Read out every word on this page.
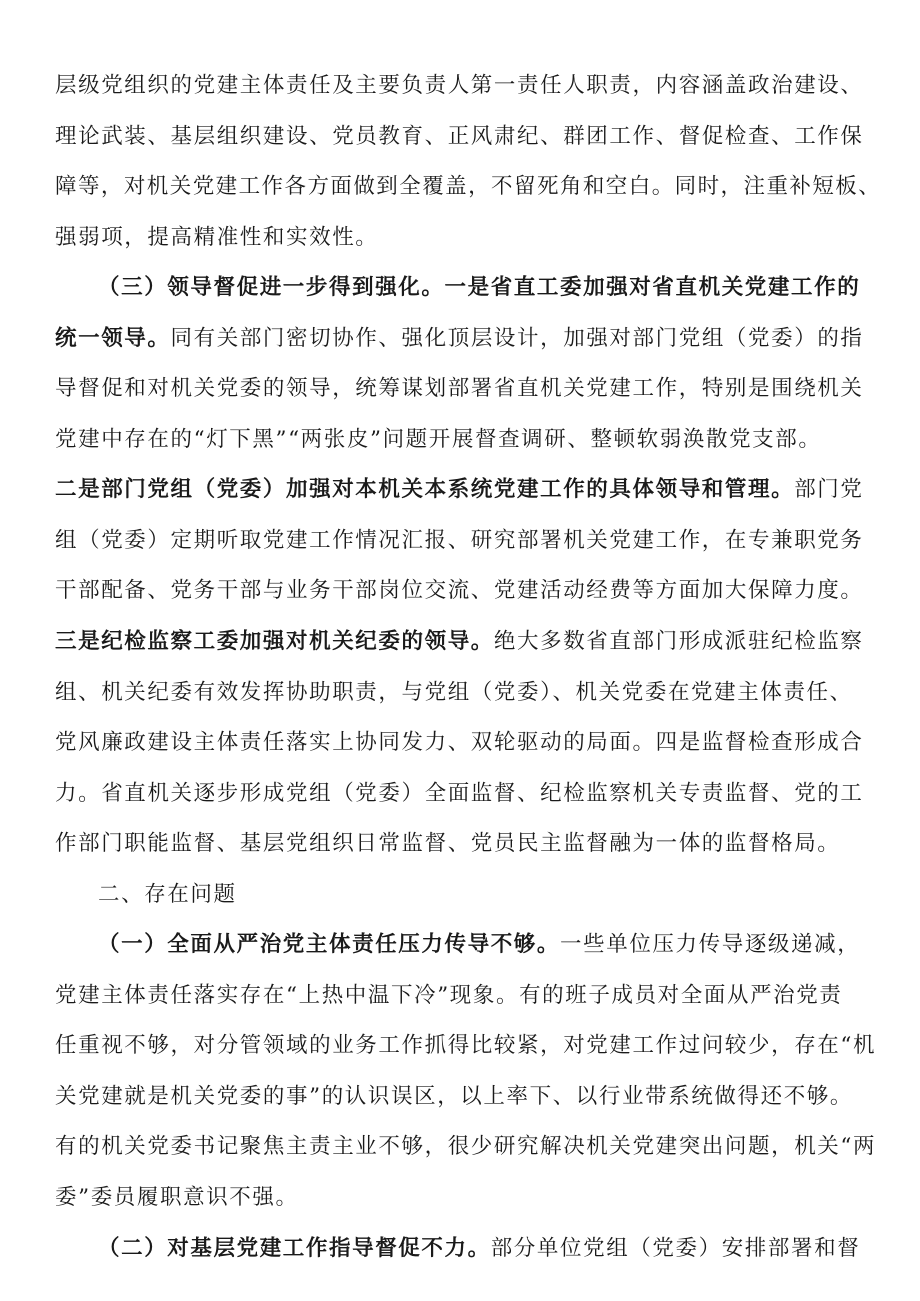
层级党组织的党建主体责任及主要负责人第一责任人职责，内容涵盖政治建设、
理论武装、基层组织建设、党员教育、正风肃纪、群团工作、督促检查、工作保
障等，对机关党建工作各方面做到全覆盖，不留死角和空白。同时，注重补短板、
强弱项，提高精准性和实效性。
（三）领导督促进一步得到强化。一是省直工委加强对省直机关党建工作的
统一领导。同有关部门密切协作、强化顶层设计，加强对部门党组（党委）的指
导督促和对机关党委的领导，统筹谋划部署省直机关党建工作，特别是围绕机关
党建中存在的“灯下黑”“两张皮”问题开展督查调研、整顿软弱涣散党支部。
二是部门党组（党委）加强对本机关本系统党建工作的具体领导和管理。部门党
组（党委）定期听取党建工作情况汇报、研究部署机关党建工作，在专兼职党务
干部配备、党务干部与业务干部岗位交流、党建活动经费等方面加大保障力度。
三是纪检监察工委加强对机关纪委的领导。绝大多数省直部门形成派驻纪检监察
组、机关纪委有效发挥协助职责，与党组（党委）、机关党委在党建主体责任、
党风廉政建设主体责任落实上协同发力、双轮驱动的局面。四是监督检查形成合
力。省直机关逐步形成党组（党委）全面监督、纪检监察机关专责监督、党的工
作部门职能监督、基层党组织日常监督、党员民主监督融为一体的监督格局。
二、存在问题
（一）全面从严治党主体责任压力传导不够。一些单位压力传导逐级递减，
党建主体责任落实存在“上热中温下冷”现象。有的班子成员对全面从严治党责
任重视不够，对分管领域的业务工作抓得比较紧，对党建工作过问较少，存在“机
关党建就是机关党委的事”的认识误区，以上率下、以行业带系统做得还不够。
有的机关党委书记聚焦主责主业不够，很少研究解决机关党建突出问题，机关“两
委”委员履职意识不强。
（二）对基层党建工作指导督促不力。部分单位党组（党委）安排部署和督
